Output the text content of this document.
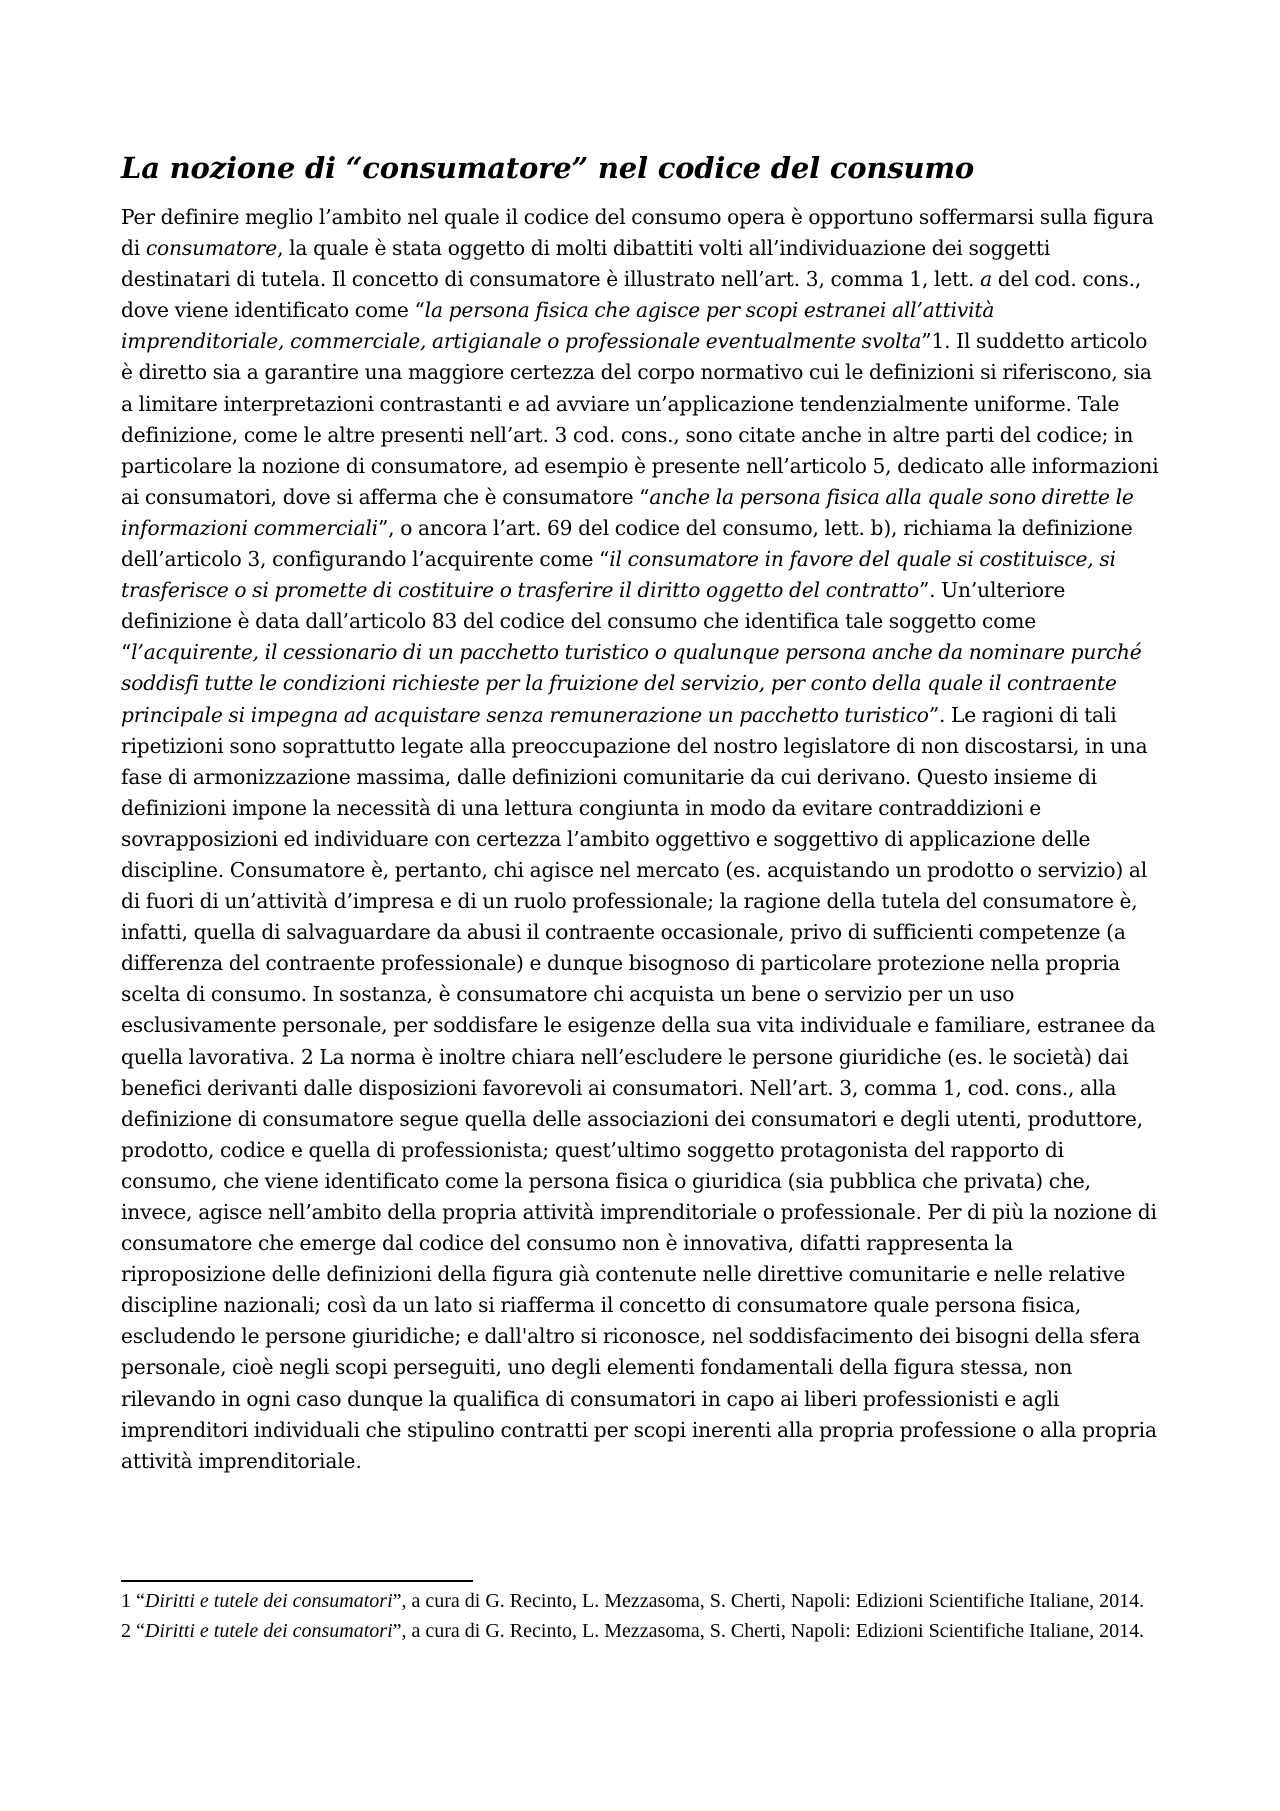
La nozione di “consumatore” nel codice del consumo

Per definire meglio l’ambito nel quale il codice del consumo opera è opportuno soffermarsi sulla figura di consumatore, la quale è stata oggetto di molti dibattiti volti all’individuazione dei soggetti destinatari di tutela. Il concetto di consumatore è illustrato nell’art. 3, comma 1, lett. a del cod. cons., dove viene identificato come “la persona fisica che agisce per scopi estranei all’attività imprenditoriale, commerciale, artigianale o professionale eventualmente svolta”1. Il suddetto articolo è diretto sia a garantire una maggiore certezza del corpo normativo cui le definizioni si riferiscono, sia a limitare interpretazioni contrastanti e ad avviare un’applicazione tendenzialmente uniforme. Tale definizione, come le altre presenti nell’art. 3 cod. cons., sono citate anche in altre parti del codice; in particolare la nozione di consumatore, ad esempio è presente nell’articolo 5, dedicato alle informazioni ai consumatori, dove si afferma che è consumatore “anche la persona fisica alla quale sono dirette le informazioni commerciali”, o ancora l’art. 69 del codice del consumo, lett. b), richiama la definizione dell’articolo 3, configurando l’acquirente come “il consumatore in favore del quale si costituisce, si trasferisce o si promette di costituire o trasferire il diritto oggetto del contratto”. Un’ulteriore definizione è data dall’articolo 83 del codice del consumo che identifica tale soggetto come “l’acquirente, il cessionario di un pacchetto turistico o qualunque persona anche da nominare purché soddisfi tutte le condizioni richieste per la fruizione del servizio, per conto della quale il contraente principale si impegna ad acquistare senza remunerazione un pacchetto turistico”. Le ragioni di tali ripetizioni sono soprattutto legate alla preoccupazione del nostro legislatore di non discostarsi, in una fase di armonizzazione massima, dalle definizioni comunitarie da cui derivano. Questo insieme di definizioni impone la necessità di una lettura congiunta in modo da evitare contraddizioni e sovrapposizioni ed individuare con certezza l’ambito oggettivo e soggettivo di applicazione delle discipline. Consumatore è, pertanto, chi agisce nel mercato (es. acquistando un prodotto o servizio) al di fuori di un’attività d’impresa e di un ruolo professionale; la ragione della tutela del consumatore è, infatti, quella di salvaguardare da abusi il contraente occasionale, privo di sufficienti competenze (a differenza del contraente professionale) e dunque bisognoso di particolare protezione nella propria scelta di consumo. In sostanza, è consumatore chi acquista un bene o servizio per un uso esclusivamente personale, per soddisfare le esigenze della sua vita individuale e familiare, estranee da quella lavorativa. 2 La norma è inoltre chiara nell’escludere le persone giuridiche (es. le società) dai benefici derivanti dalle disposizioni favorevoli ai consumatori. Nell’art. 3, comma 1, cod. cons., alla definizione di consumatore segue quella delle associazioni dei consumatori e degli utenti, produttore, prodotto, codice e quella di professionista; quest’ultimo soggetto protagonista del rapporto di consumo, che viene identificato come la persona fisica o giuridica (sia pubblica che privata) che, invece, agisce nell’ambito della propria attività imprenditoriale o professionale. Per di più la nozione di consumatore che emerge dal codice del consumo non è innovativa, difatti rappresenta la riproposizione delle definizioni della figura già contenute nelle direttive comunitarie e nelle relative discipline nazionali; così da un lato si riafferma il concetto di consumatore quale persona fisica, escludendo le persone giuridiche; e dall'altro si riconosce, nel soddisfacimento dei bisogni della sfera personale, cioè negli scopi perseguiti, uno degli elementi fondamentali della figura stessa, non rilevando in ogni caso dunque la qualifica di consumatori in capo ai liberi professionisti e agli imprenditori individuali che stipulino contratti per scopi inerenti alla propria professione o alla propria attività imprenditoriale.

1 “Diritti e tutele dei consumatori”, a cura di G. Recinto, L. Mezzasoma, S. Cherti, Napoli: Edizioni Scientifiche Italiane, 2014.

2 “Diritti e tutele dei consumatori”, a cura di G. Recinto, L. Mezzasoma, S. Cherti, Napoli: Edizioni Scientifiche Italiane, 2014.
